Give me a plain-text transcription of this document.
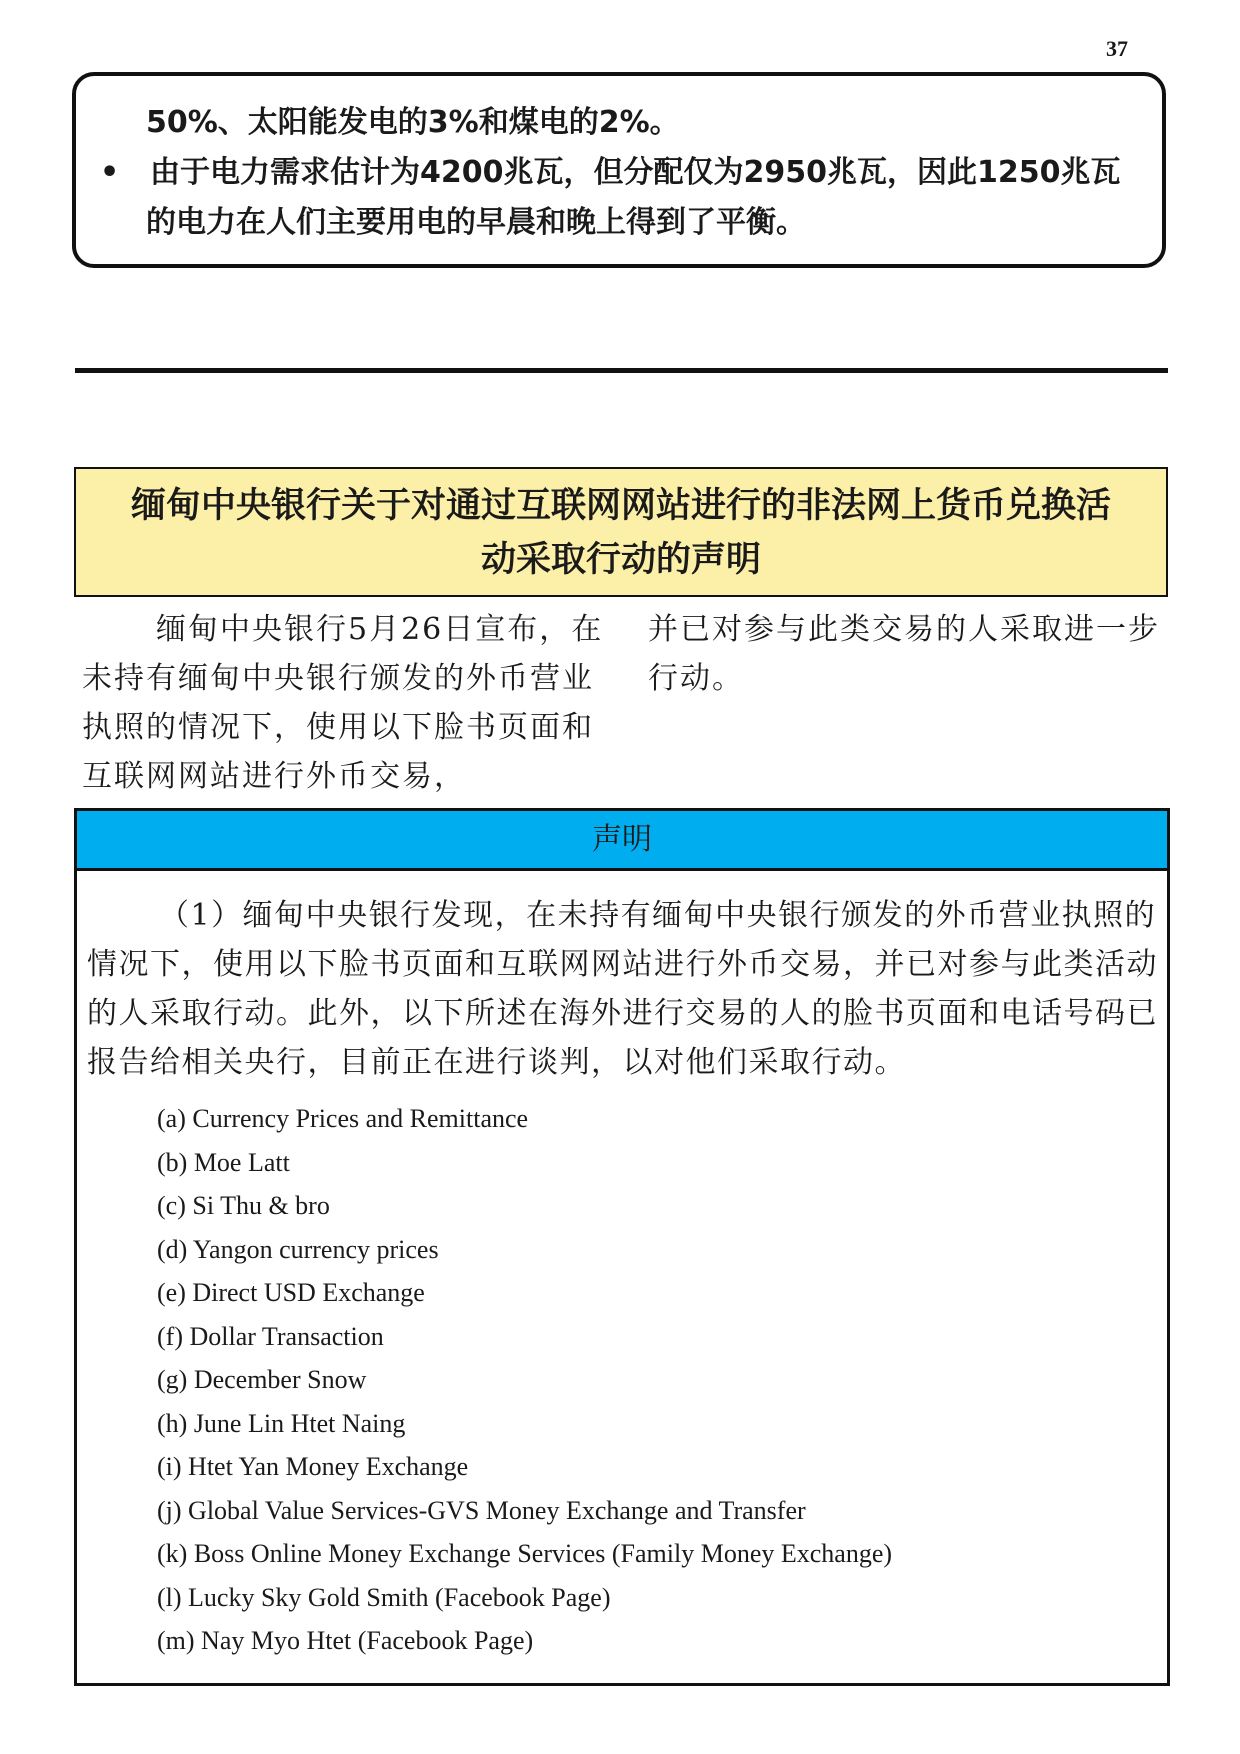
37
50%、太阳能发电的3%和煤电的2%。
•	由于电力需求估计为4200兆瓦，但分配仅为2950兆瓦，因此1250兆瓦
的电力在人们主要用电的早晨和晚上得到了平衡。
缅甸中央银行关于对通过互联网网站进行的非法网上货币兑换活
动采取行动的声明
缅甸中央银行5月26日宣布，在未持有缅甸中央银行颁发的外币营业执照的情况下，使用以下脸书页面和互联网网站进行外币交易，
并已对参与此类交易的人采取进一步行动。
声明
（1）缅甸中央银行发现，在未持有缅甸中央银行颁发的外币营业执照的情况下，使用以下脸书页面和互联网网站进行外币交易，并已对参与此类活动的人采取行动。此外，以下所述在海外进行交易的人的脸书页面和电话号码已报告给相关央行，目前正在进行谈判，以对他们采取行动。
(a) Currency Prices and Remittance
(b) Moe Latt
(c) Si Thu & bro
(d) Yangon currency prices
(e) Direct USD Exchange
(f) Dollar Transaction
(g) December Snow
(h) June Lin Htet Naing
(i) Htet Yan Money Exchange
(j) Global Value Services-GVS Money Exchange and Transfer
(k) Boss Online Money Exchange Services (Family Money Exchange)
(l) Lucky Sky Gold Smith (Facebook Page)
(m) Nay Myo Htet (Facebook Page)
